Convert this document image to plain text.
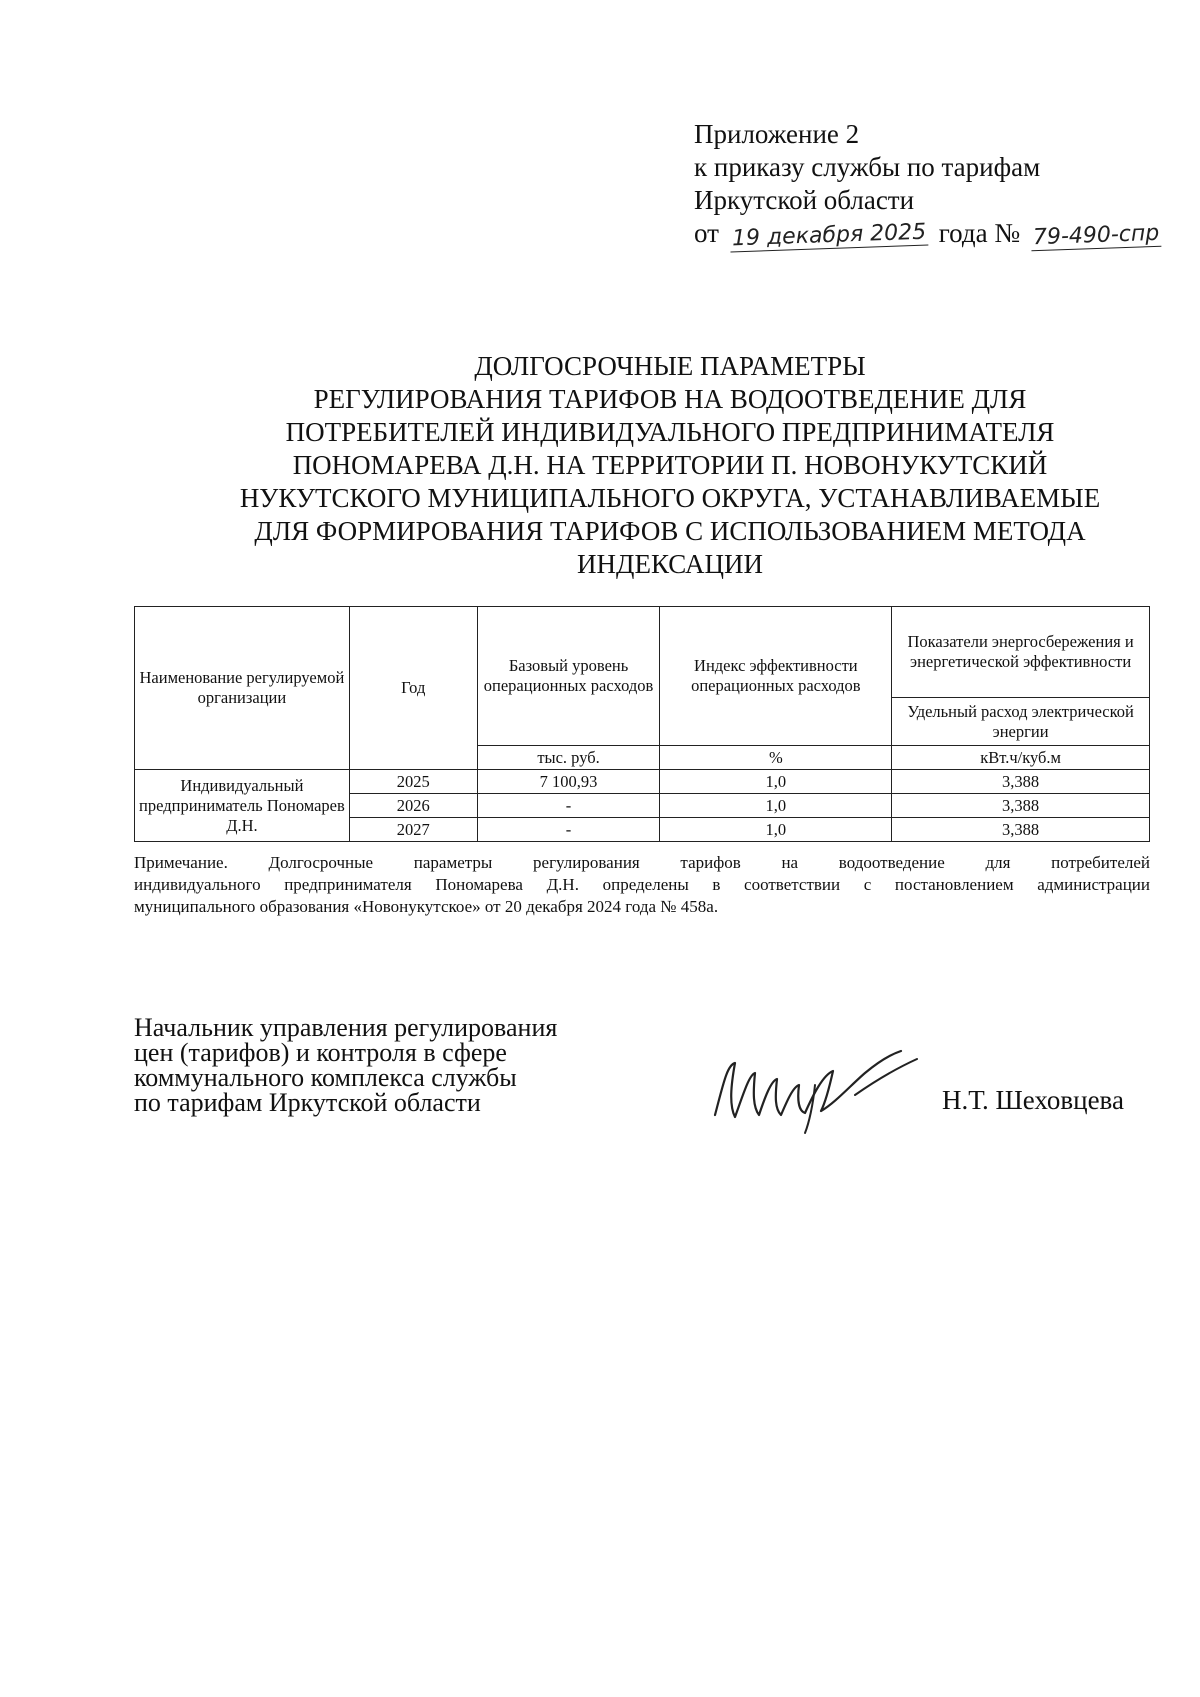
Приложение 2
к приказу службы по тарифам
Иркутской области
от 19 декабря 2025 года № 79-490-спр
ДОЛГОСРОЧНЫЕ ПАРАМЕТРЫ
РЕГУЛИРОВАНИЯ ТАРИФОВ НА ВОДООТВЕДЕНИЕ ДЛЯ
ПОТРЕБИТЕЛЕЙ ИНДИВИДУАЛЬНОГО ПРЕДПРИНИМАТЕЛЯ
ПОНОМАРЕВА Д.Н. НА ТЕРРИТОРИИ П. НОВОНУКУТСКИЙ
НУКУТСКОГО МУНИЦИПАЛЬНОГО ОКРУГА, УСТАНАВЛИВАЕМЫЕ
ДЛЯ ФОРМИРОВАНИЯ ТАРИФОВ С ИСПОЛЬЗОВАНИЕМ МЕТОДА
ИНДЕКСАЦИИ
Наименование регулируемой организации	Год	Базовый уровень операционных расходов	Индекс эффективности операционных расходов	Показатели энергосбережения и энергетической эффективности
				Удельный расход электрической энергии
		тыс. руб.	%	кВт.ч/куб.м
Индивидуальный предприниматель Пономарев Д.Н.	2025	7 100,93	1,0	3,388
	2026	-	1,0	3,388
	2027	-	1,0	3,388
Примечание. Долгосрочные параметры регулирования тарифов на водоотведение для потребителей
индивидуального предпринимателя Пономарева Д.Н. определены в соответствии с постановлением администрации
муниципального образования «Новонукутское» от 20 декабря 2024 года № 458а.
Начальник управления регулирования
цен (тарифов) и контроля в сфере
коммунального комплекса службы
по тарифам Иркутской области	Н.Т. Шеховцева
